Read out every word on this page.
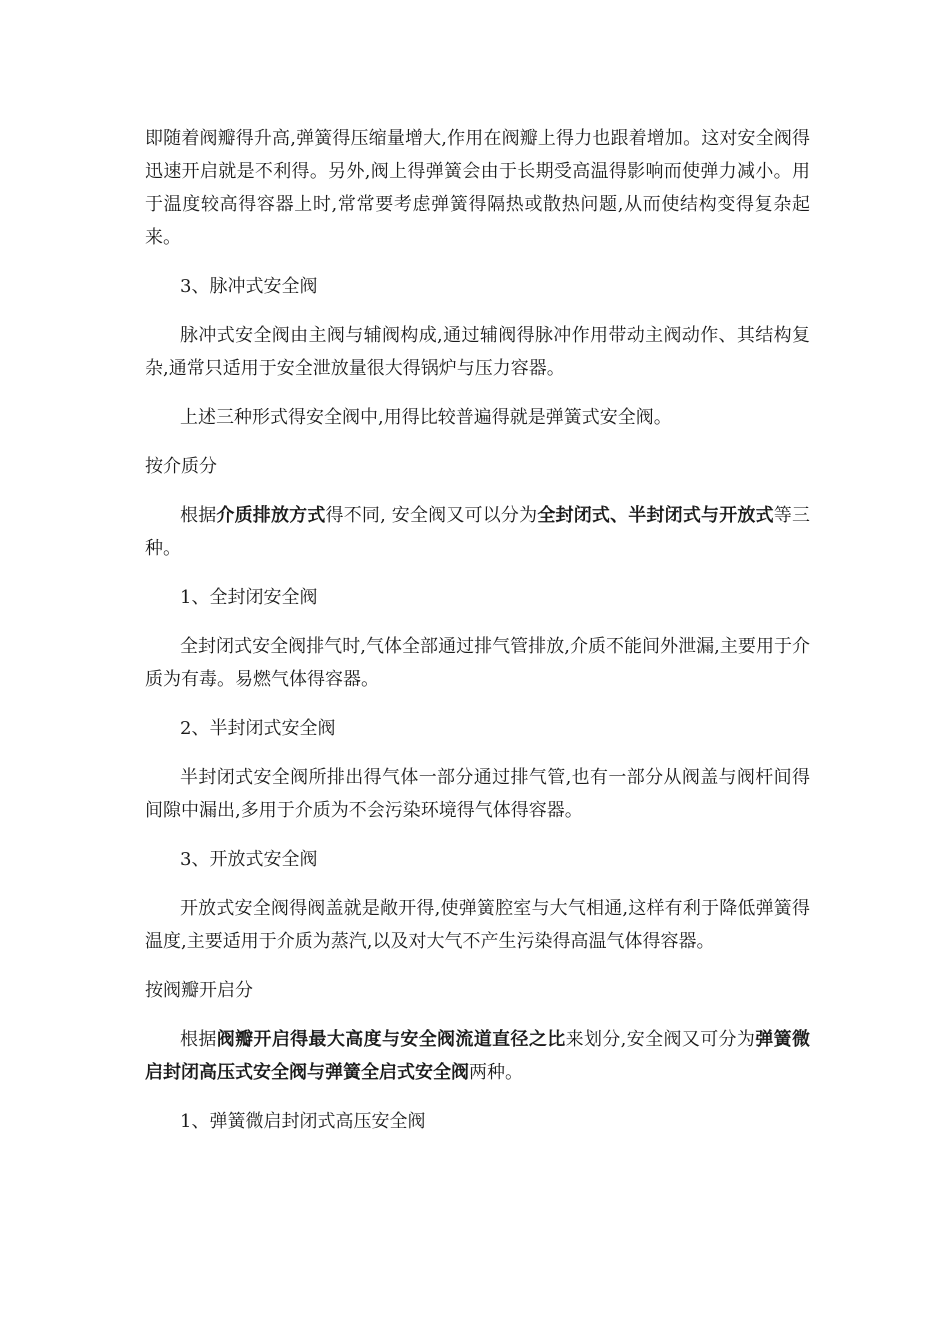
即随着阀瓣得升高,弹簧得压缩量增大,作用在阀瓣上得力也跟着增加。这对安全阀得迅速开启就是不利得。另外,阀上得弹簧会由于长期受高温得影响而使弹力减小。用于温度较高得容器上时,常常要考虑弹簧得隔热或散热问题,从而使结构变得复杂起来。

3、脉冲式安全阀

脉冲式安全阀由主阀与辅阀构成,通过辅阀得脉冲作用带动主阀动作、其结构复杂,通常只适用于安全泄放量很大得锅炉与压力容器。

上述三种形式得安全阀中,用得比较普遍得就是弹簧式安全阀。

按介质分

根据介质排放方式得不同, 安全阀又可以分为全封闭式、半封闭式与开放式等三种。

1、全封闭安全阀

全封闭式安全阀排气时,气体全部通过排气管排放,介质不能间外泄漏,主要用于介质为有毒。易燃气体得容器。

2、半封闭式安全阀

半封闭式安全阀所排出得气体一部分通过排气管,也有一部分从阀盖与阀杆间得间隙中漏出,多用于介质为不会污染环境得气体得容器。

3、开放式安全阀

开放式安全阀得阀盖就是敞开得,使弹簧腔室与大气相通,这样有利于降低弹簧得温度,主要适用于介质为蒸汽,以及对大气不产生污染得高温气体得容器。

按阀瓣开启分

根据阀瓣开启得最大高度与安全阀流道直径之比来划分,安全阀又可分为弹簧微启封闭高压式安全阀与弹簧全启式安全阀两种。

1、弹簧微启封闭式高压安全阀
